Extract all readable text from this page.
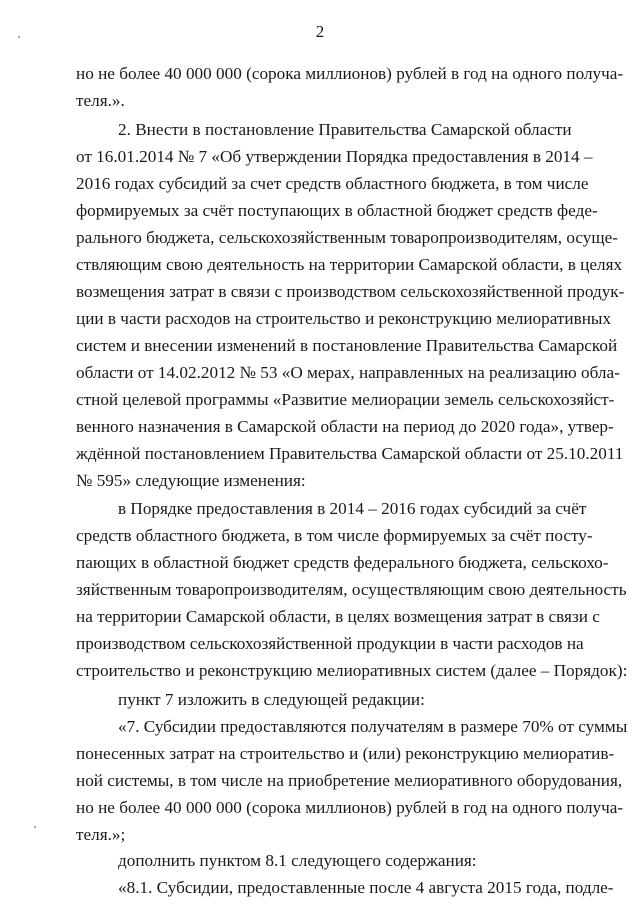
2
но не более 40 000 000 (сорока миллионов) рублей в год на одного получа-
теля.».
2. Внести в постановление Правительства Самарской области
от 16.01.2014 № 7 «Об утверждении Порядка предоставления в 2014 –
2016 годах субсидий за счет средств областного бюджета, в том числе
формируемых за счёт поступающих в областной бюджет средств феде-
рального бюджета, сельскохозяйственным товаропроизводителям, осуще-
ствляющим свою деятельность на территории Самарской области, в целях
возмещения затрат в связи с производством сельскохозяйственной продук-
ции в части расходов на строительство и реконструкцию мелиоративных
систем и внесении изменений в постановление Правительства Самарской
области от 14.02.2012 № 53 «О мерах, направленных на реализацию обла-
стной целевой программы «Развитие мелиорации земель сельскохозяйст-
венного назначения в Самарской области на период до 2020 года», утвер-
ждённой постановлением Правительства Самарской области от 25.10.2011
№ 595» следующие изменения:
в Порядке предоставления в 2014 – 2016 годах субсидий за счёт
средств областного бюджета, в том числе формируемых за счёт посту-
пающих в областной бюджет средств федерального бюджета, сельскохо-
зяйственным товаропроизводителям, осуществляющим свою деятельность
на территории Самарской области, в целях возмещения затрат в связи с
производством сельскохозяйственной продукции в части расходов на
строительство и реконструкцию мелиоративных систем (далее – Порядок):
пункт 7 изложить в следующей редакции:
«7. Субсидии предоставляются получателям в размере 70% от суммы
понесенных затрат на строительство и (или) реконструкцию мелиоратив-
ной системы, в том числе на приобретение мелиоративного оборудования,
но не более 40 000 000 (сорока миллионов) рублей в год на одного получа-
теля.»;
дополнить пунктом 8.1 следующего содержания:
«8.1. Субсидии, предоставленные после 4 августа 2015 года, подле-
